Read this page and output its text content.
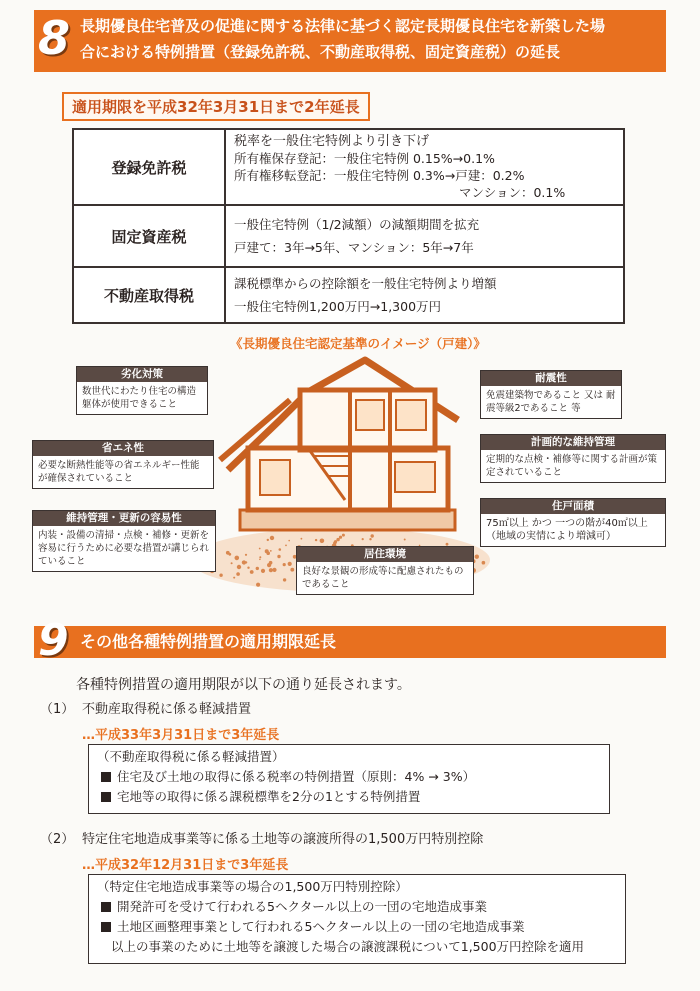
8 長期優良住宅普及の促進に関する法律に基づく認定長期優良住宅を新築した場
合における特例措置（登録免許税、不動産取得税、固定資産税）の延長
適用期限を平成32年3月31日まで2年延長
登録免許税	税率を一般住宅特例より引き下げ
所有権保存登記：一般住宅特例 0.15%→0.1%
所有権移転登記：一般住宅特例 0.3%→戸建：0.2%
マンション：0.1%

固定資産税	一般住宅特例（1/2減額）の減額期間を拡充
戸建て：3年→5年、マンション：5年→7年

不動産取得税	課税標準からの控除額を一般住宅特例より増額
一般住宅特例1,200万円→1,300万円
《長期優良住宅認定基準のイメージ（戸建）》
劣化対策
数世代にわたり住宅の構造躯体が使用できること
省エネ性
必要な断熱性能等の省エネルギー性能が確保されていること
維持管理・更新の容易性
内装・設備の清掃・点検・補修・更新を容易に行うために必要な措置が講じられていること
耐震性
免震建築物であること 又は 耐震等級2であること 等
計画的な維持管理
定期的な点検・補修等に関する計画が策定されていること
住戸面積
75㎡以上 かつ 一つの階が40㎡以上（地域の実情により増減可）
居住環境
良好な景観の形成等に配慮されたものであること
9 その他各種特例措置の適用期限延長
各種特例措置の適用期限が以下の通り延長されます。
（1） 不動産取得税に係る軽減措置
…平成33年3月31日まで3年延長
（不動産取得税に係る軽減措置）
住宅及び土地の取得に係る税率の特例措置（原則：4% → 3%）
宅地等の取得に係る課税標準を2分の1とする特例措置
（2） 特定住宅地造成事業等に係る土地等の譲渡所得の1,500万円特別控除
…平成32年12月31日まで3年延長
（特定住宅地造成事業等の場合の1,500万円特別控除）
開発許可を受けて行われる5ヘクタール以上の一団の宅地造成事業
土地区画整理事業として行われる5ヘクタール以上の一団の宅地造成事業
以上の事業のために土地等を譲渡した場合の譲渡課税について1,500万円控除を適用
